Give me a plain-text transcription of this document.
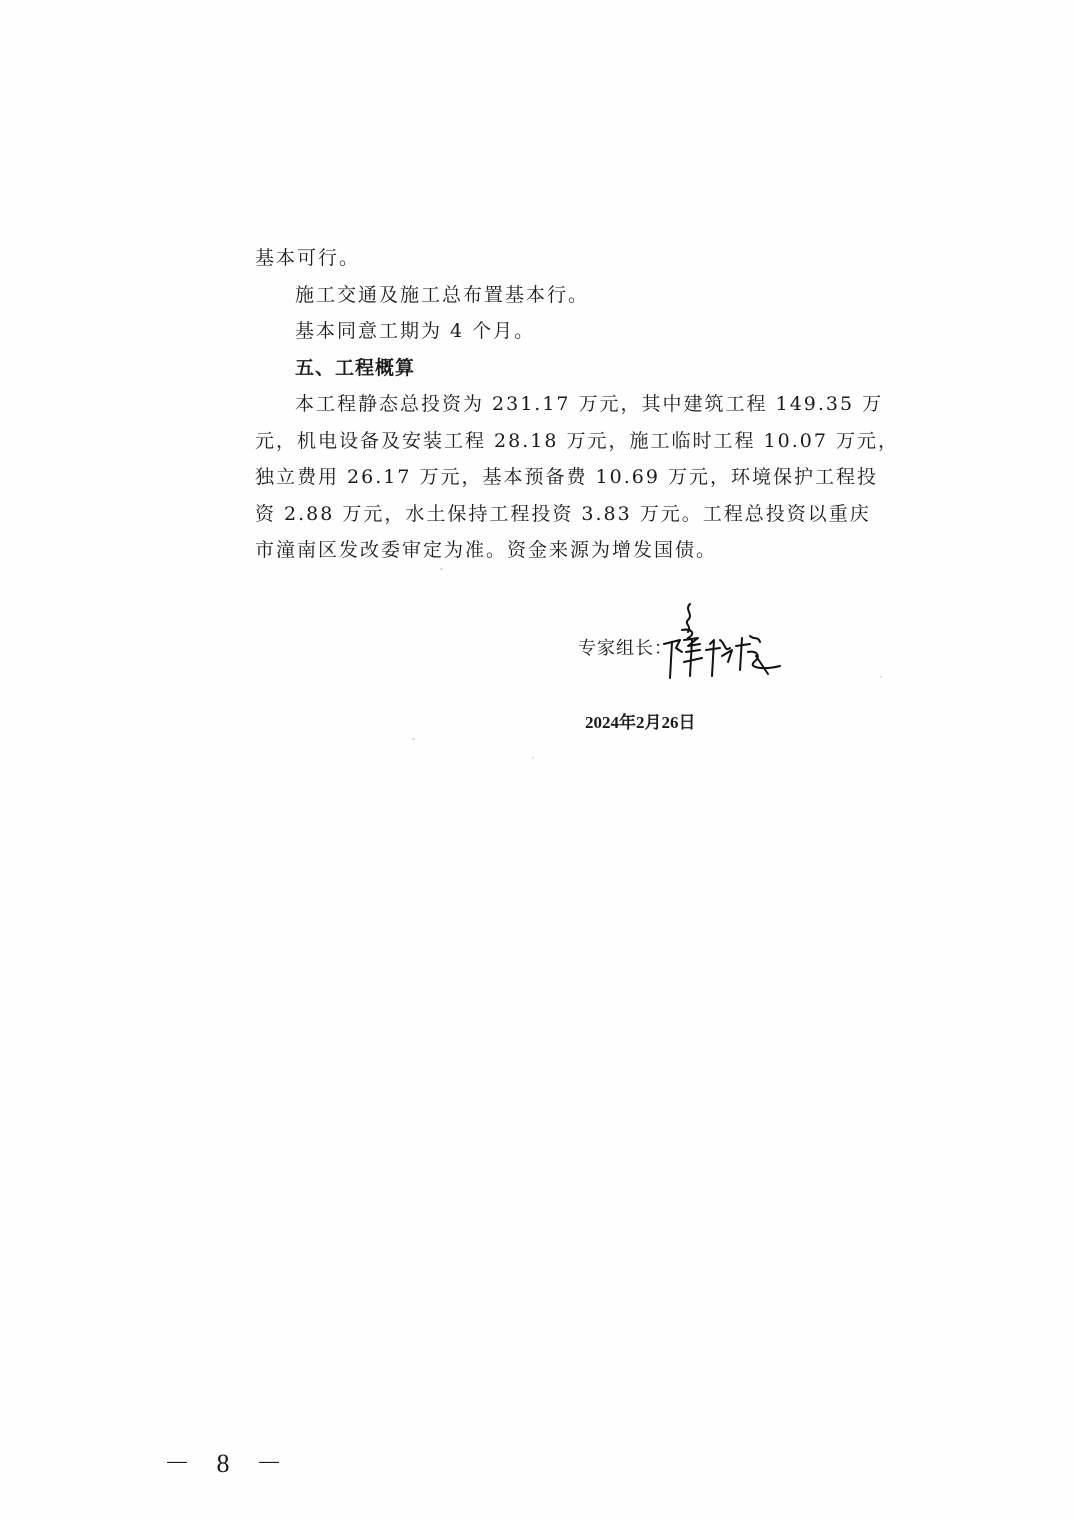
基本可行。
施工交通及施工总布置基本行。
基本同意工期为 4 个月。
五、工程概算
本工程静态总投资为 231.17 万元，其中建筑工程 149.35 万
元，机电设备及安装工程 28.18 万元，施工临时工程 10.07 万元，
独立费用 26.17 万元，基本预备费 10.69 万元，环境保护工程投
资 2.88 万元，水土保持工程投资 3.83 万元。工程总投资以重庆
市潼南区发改委审定为准。资金来源为增发国债。
专家组长：
2024年2月26日
－ 8 －
